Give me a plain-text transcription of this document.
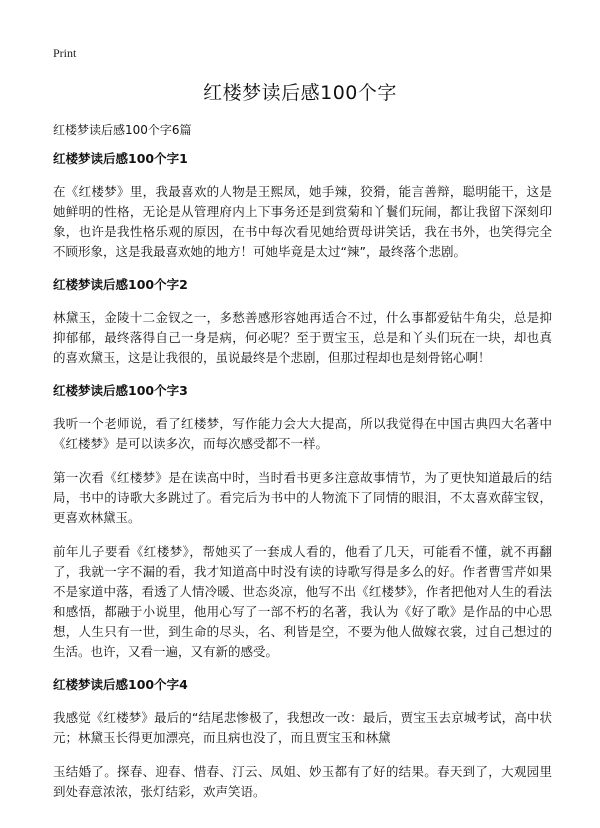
Print
红楼梦读后感100个字

红楼梦读后感100个字6篇

红楼梦读后感100个字1

在《红楼梦》里，我最喜欢的人物是王熙凤，她手辣，狡猾，能言善辩，聪明能干，这是她鲜明的性格，无论是从管理府内上下事务还是到赏菊和丫鬟们玩闹，都让我留下深刻印象，也许是我性格乐观的原因，在书中每次看见她给贾母讲笑话，我在书外，也笑得完全不顾形象，这是我最喜欢她的地方！可她毕竟是太过“辣”，最终落个悲剧。

红楼梦读后感100个字2

林黛玉，金陵十二金钗之一，多愁善感形容她再适合不过，什么事都爱钻牛角尖，总是抑抑郁郁，最终落得自己一身是病，何必呢？至于贾宝玉，总是和丫头们玩在一块，却也真的喜欢黛玉，这是让我很的，虽说最终是个悲剧，但那过程却也是刻骨铭心啊！

红楼梦读后感100个字3

我听一个老师说，看了红楼梦，写作能力会大大提高，所以我觉得在中国古典四大名著中《红楼梦》是可以读多次，而每次感受都不一样。

第一次看《红楼梦》是在读高中时，当时看书更多注意故事情节，为了更快知道最后的结局，书中的诗歌大多跳过了。看完后为书中的人物流下了同情的眼泪，不太喜欢薛宝钗，更喜欢林黛玉。

前年儿子要看《红楼梦》，帮她买了一套成人看的，他看了几天，可能看不懂，就不再翻了，我就一字不漏的看，我才知道高中时没有读的诗歌写得是多么的好。作者曹雪芹如果不是家道中落，看透了人情冷暖、世态炎凉，他写不出《红楼梦》，作者把他对人生的看法和感悟，都融于小说里，他用心写了一部不朽的名著，我认为《好了歌》是作品的中心思想，人生只有一世，到生命的尽头，名、利皆是空，不要为他人做嫁衣裳，过自己想过的生活。也许，又看一遍，又有新的感受。

红楼梦读后感100个字4

我感觉《红楼梦》最后的“结尾悲惨极了，我想改一改：最后，贾宝玉去京城考试，高中状元；林黛玉长得更加漂亮，而且病也没了，而且贾宝玉和林黛

玉结婚了。探春、迎春、惜春、汀云、凤姐、妙玉都有了好的结果。春天到了，大观园里到处春意浓浓，张灯结彩，欢声笑语。
